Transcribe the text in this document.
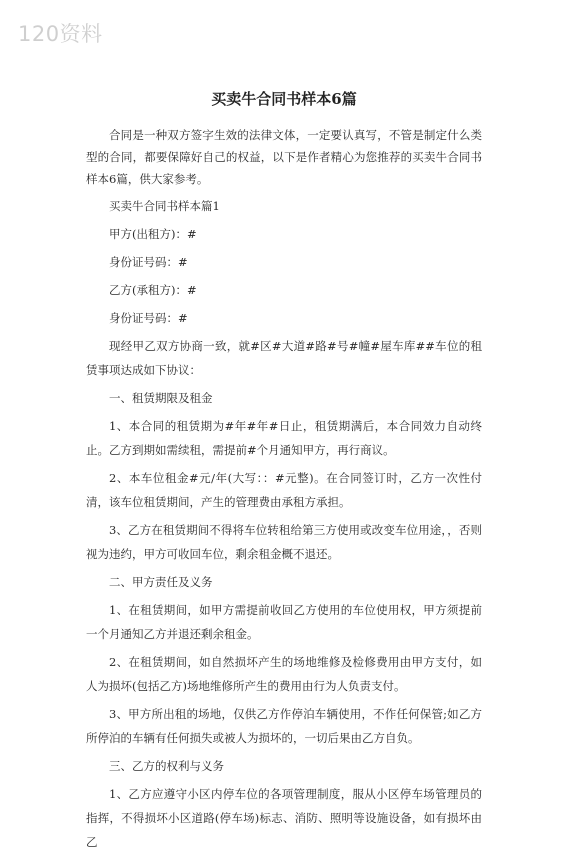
120资料
买卖牛合同书样本6篇

合同是一种双方签字生效的法律文体，一定要认真写，不管是制定什么类型的合同，都要保障好自己的权益，以下是作者精心为您推荐的买卖牛合同书样本6篇，供大家参考。

买卖牛合同书样本篇1

甲方(出租方)：#

身份证号码：#

乙方(承租方)：#

身份证号码：#

现经甲乙双方协商一致，就#区#大道#路#号#幢#屋车库##车位的租赁事项达成如下协议：

一、租赁期限及租金

1、本合同的租赁期为#年#年#日止，租赁期满后，本合同效力自动终止。乙方到期如需续租，需提前#个月通知甲方，再行商议。

2、本车位租金#元/年(大写：：#元整)。在合同签订时，乙方一次性付清，该车位租赁期间，产生的管理费由承租方承担。

3、乙方在租赁期间不得将车位转租给第三方使用或改变车位用途，，否则视为违约，甲方可收回车位，剩余租金概不退还。

二、甲方责任及义务

1、在租赁期间，如甲方需提前收回乙方使用的车位使用权，甲方须提前一个月通知乙方并退还剩余租金。

2、在租赁期间，如自然损坏产生的场地维修及检修费用由甲方支付，如人为损坏(包括乙方)场地维修所产生的费用由行为人负责支付。

3、甲方所出租的场地，仅供乙方作停泊车辆使用，不作任何保管;如乙方所停泊的车辆有任何损失或被人为损坏的，一切后果由乙方自负。

三、乙方的权利与义务

1、乙方应遵守小区内停车位的各项管理制度，服从小区停车场管理员的指挥，不得损坏小区道路(停车场)标志、消防、照明等设施设备，如有损坏由乙
